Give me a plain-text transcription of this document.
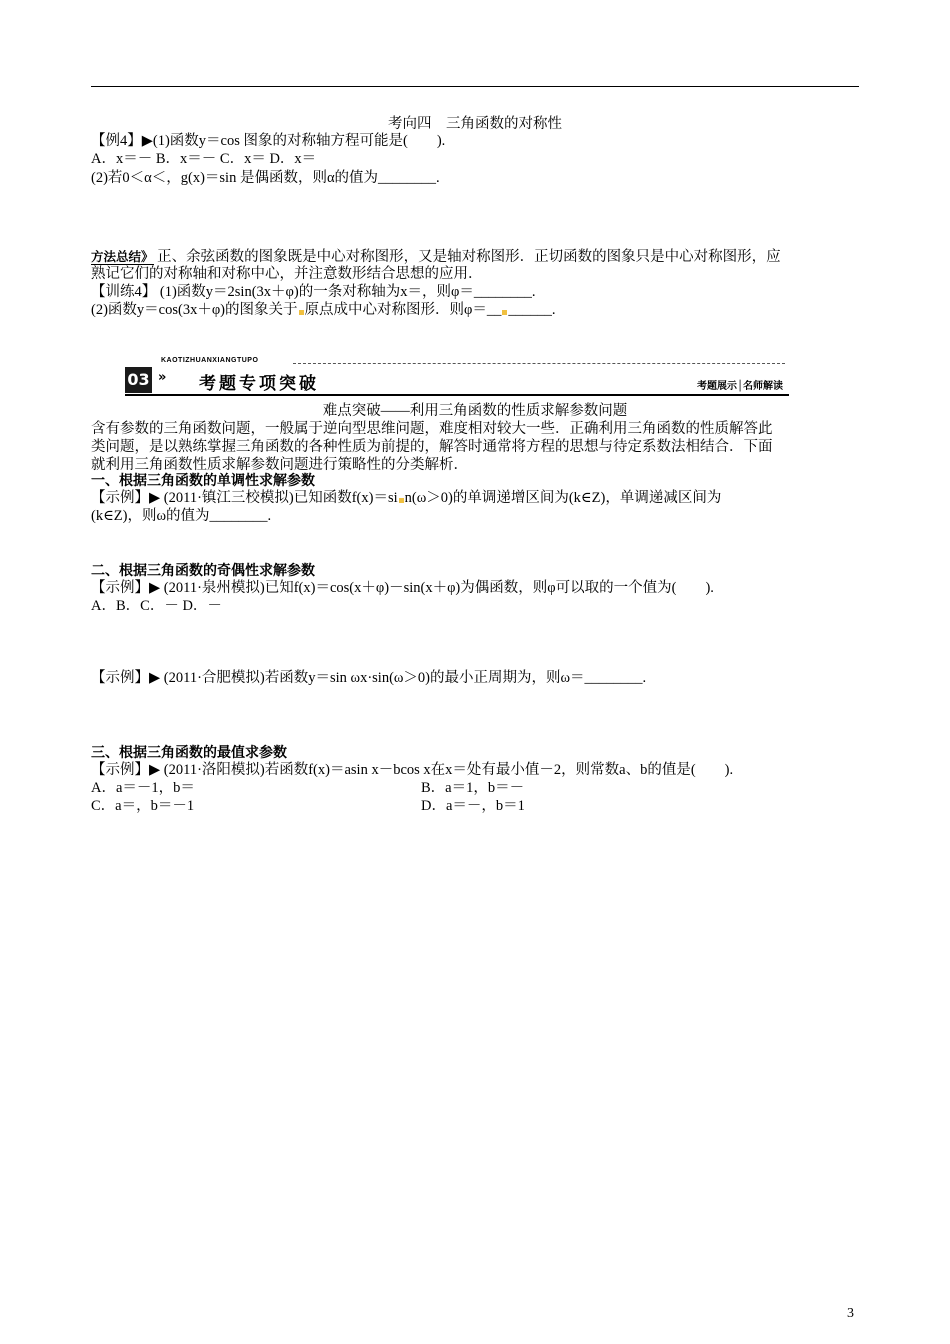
考向四　三角函数的对称性
【例4】▶(1)函数y＝cos 图象的对称轴方程可能是(　　).
A．x＝－ B．x＝－ C．x＝ D．x＝
(2)若0＜α＜，g(x)＝sin 是偶函数，则α的值为________.
方法总结》 正、余弦函数的图象既是中心对称图形，又是轴对称图形．正切函数的图象只是中心对称图形，应
熟记它们的对称轴和对称中心，并注意数形结合思想的应用．
【训练4】 (1)函数y＝2sin(3x＋φ)的一条对称轴为x＝，则φ＝________.
(2)函数y＝cos(3x＋φ)的图象关于 原点成中心对称图形．则φ＝__ ______.
KAOTIZHUANXIANGTUPO
03 » 考题专项突破	考题展示│名师解读
难点突破——利用三角函数的性质求解参数问题
含有参数的三角函数问题，一般属于逆向型思维问题，难度相对较大一些．正确利用三角函数的性质解答此
类问题，是以熟练掌握三角函数的各种性质为前提的，解答时通常将方程的思想与待定系数法相结合．下面
就利用三角函数性质求解参数问题进行策略性的分类解析．
一、根据三角函数的单调性求解参数
【示例】▶ (2011·镇江三校模拟)已知函数f(x)＝si n(ω＞0)的单调递增区间为(k∈Z)，单调递减区间为
(k∈Z)，则ω的值为________.
二、根据三角函数的奇偶性求解参数
【示例】▶ (2011·泉州模拟)已知f(x)＝cos(x＋φ)－sin(x＋φ)为偶函数，则φ可以取的一个值为(　　).
A．B．C．－ D．－
【示例】▶ (2011·合肥模拟)若函数y＝sin ωx·sin(ω＞0)的最小正周期为，则ω＝________.
三、根据三角函数的最值求参数
【示例】▶ (2011·洛阳模拟)若函数f(x)＝asin x－bcos x在x＝处有最小值－2，则常数a、b的值是(　　).
A．a＝－1，b＝	B．a＝1，b＝－
C．a＝，b＝－1	D．a＝－，b＝1
3
